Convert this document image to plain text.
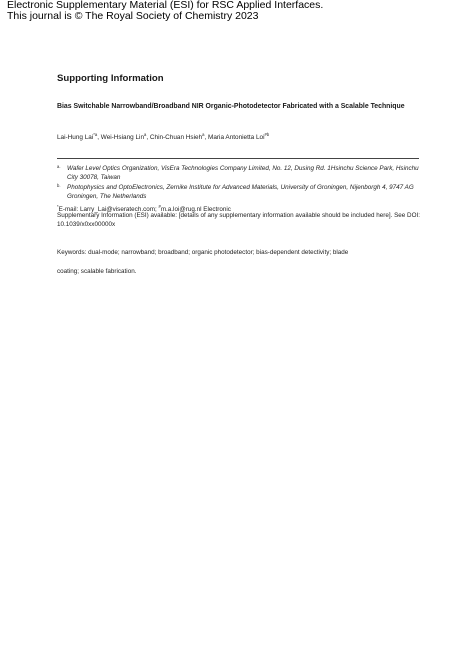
Electronic Supplementary Material (ESI) for RSC Applied Interfaces.
This journal is © The Royal Society of Chemistry 2023
Supporting Information
Bias Switchable Narrowband/Broadband NIR Organic-Photodetector Fabricated with a Scalable Technique
Lai-Hung Lai$^{*a}$, Wei-Hsiang Lin$^a$, Chin-Chuan Hsieh$^a$, Maria Antonietta Loi$^{\#b}$
a.	Wafer Level Optics Organization, VisEra Technologies Company Limited, No. 12, Dusing Rd. 1Hsinchu Science Park, Hsinchu City 30078, Taiwan
b.	Photophysics and OptoElectronics, Zernike Institute for Advanced Materials, University of Groningen, Nijenborgh 4, 9747 AG Groningen, The Netherlands
*E-mail: Larry_Lai@viseratech.com; #m.a.loi@rug.nl Electronic
Supplementary Information (ESI) available: [details of any supplementary information available should be included here]. See DOI: 10.1039/x0xx00000x
Keywords: dual-mode; narrowband; broadband; organic photodetector; bias-dependent detectivity; blade
coating; scalable fabrication.
